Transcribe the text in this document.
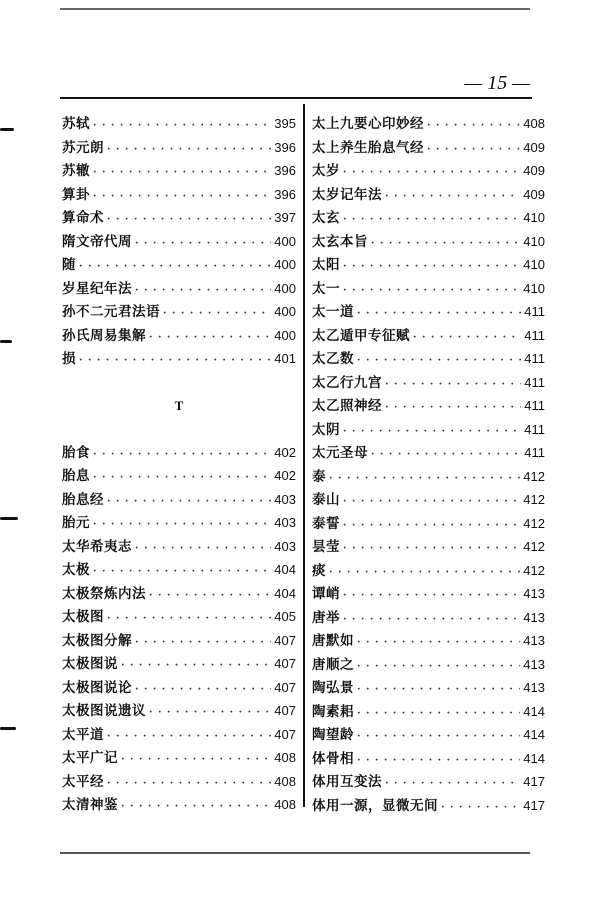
— 15 —
苏轼 · · ·	395
苏元朗 · · ·	396
苏辙 · · ·	396
算卦 · · ·	396
算命术 · · ·	397
隋文帝代周 · · ·	400
随 · · ·	400
岁星纪年法 · · ·	400
孙不二元君法语 · · ·	400
孙氏周易集解 · · ·	400
损 · · ·	401
T
胎食 · · ·	402
胎息 · · ·	402
胎息经 · · ·	403
胎元 · · ·	403
太华希夷志 · · ·	403
太极 · · ·	404
太极祭炼内法 · · ·	404
太极图 · · ·	405
太极图分解 · · ·	407
太极图说 · · ·	407
太极图说论 · · ·	407
太极图说遗议 · · ·	407
太平道 · · ·	407
太平广记 · · ·	408
太平经 · · ·	408
太清神鉴 · · ·	408
太上九要心印妙经 · · ·	408
太上养生胎息气经 · · ·	409
太岁 · · ·	409
太岁记年法 · · ·	409
太玄 · · ·	410
太玄本旨 · · ·	410
太阳 · · ·	410
太一 · · ·	410
太一道 · · ·	411
太乙遁甲专征赋 · · ·	411
太乙数 · · ·	411
太乙行九宫 · · ·	411
太乙照神经 · · ·	411
太阴 · · ·	411
太元圣母 · · ·	411
泰 · · ·	412
泰山 · · ·	412
泰誓 · · ·	412
昙莹 · · ·	412
痰 · · ·	412
谭峭 · · ·	413
唐举 · · ·	413
唐默如 · · ·	413
唐顺之 · · ·	413
陶弘景 · · ·	413
陶素耜 · · ·	414
陶望龄 · · ·	414
体骨相 · · ·	414
体用互变法 · · ·	417
体用一源，显微无间 · · ·	417
